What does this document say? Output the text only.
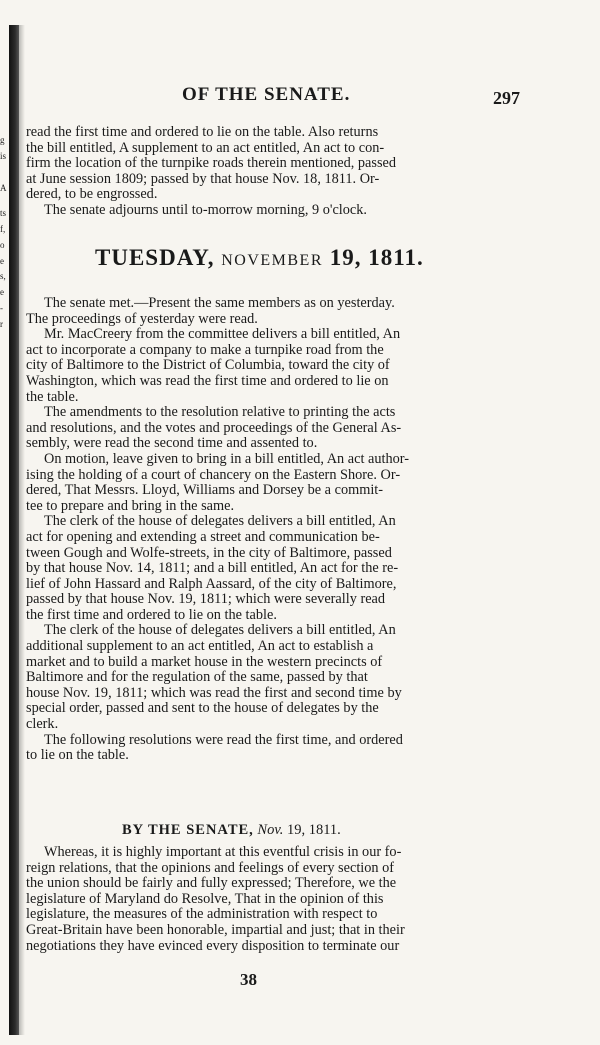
g
is
A
ts
f,
o
e
s,
e
-
r
OF THE SENATE.	297

read the first time and ordered to lie on the table. Also returns

the bill entitled, A supplement to an act entitled, An act to con-

firm the location of the turnpike roads therein mentioned, passed

at June session 1809; passed by that house Nov. 18, 1811. Or-

dered, to be engrossed.

The senate adjourns until to-morrow morning, 9 o'clock.

TUESDAY, NOVEMBER 19, 1811.

The senate met.—Present the same members as on yesterday.

The proceedings of yesterday were read.

Mr. MacCreery from the committee delivers a bill entitled, An

act to incorporate a company to make a turnpike road from the

city of Baltimore to the District of Columbia, toward the city of

Washington, which was read the first time and ordered to lie on

the table.

The amendments to the resolution relative to printing the acts

and resolutions, and the votes and proceedings of the General As-

sembly, were read the second time and assented to.

On motion, leave given to bring in a bill entitled, An act author-

ising the holding of a court of chancery on the Eastern Shore. Or-

dered, That Messrs. Lloyd, Williams and Dorsey be a commit-

tee to prepare and bring in the same.

The clerk of the house of delegates delivers a bill entitled, An

act for opening and extending a street and communication be-

tween Gough and Wolfe-streets, in the city of Baltimore, passed

by that house Nov. 14, 1811; and a bill entitled, An act for the re-

lief of John Hassard and Ralph Aassard, of the city of Baltimore,

passed by that house Nov. 19, 1811; which were severally read

the first time and ordered to lie on the table.

The clerk of the house of delegates delivers a bill entitled, An

additional supplement to an act entitled, An act to establish a

market and to build a market house in the western precincts of

Baltimore and for the regulation of the same, passed by that

house Nov. 19, 1811; which was read the first and second time by

special order, passed and sent to the house of delegates by the

clerk.

The following resolutions were read the first time, and ordered

to lie on the table.

BY THE SENATE, Nov. 19, 1811.

Whereas, it is highly important at this eventful crisis in our fo-

reign relations, that the opinions and feelings of every section of

the union should be fairly and fully expressed; Therefore, we the

legislature of Maryland do Resolve, That in the opinion of this

legislature, the measures of the administration with respect to

Great-Britain have been honorable, impartial and just; that in their

negotiations they have evinced every disposition to terminate our

38
